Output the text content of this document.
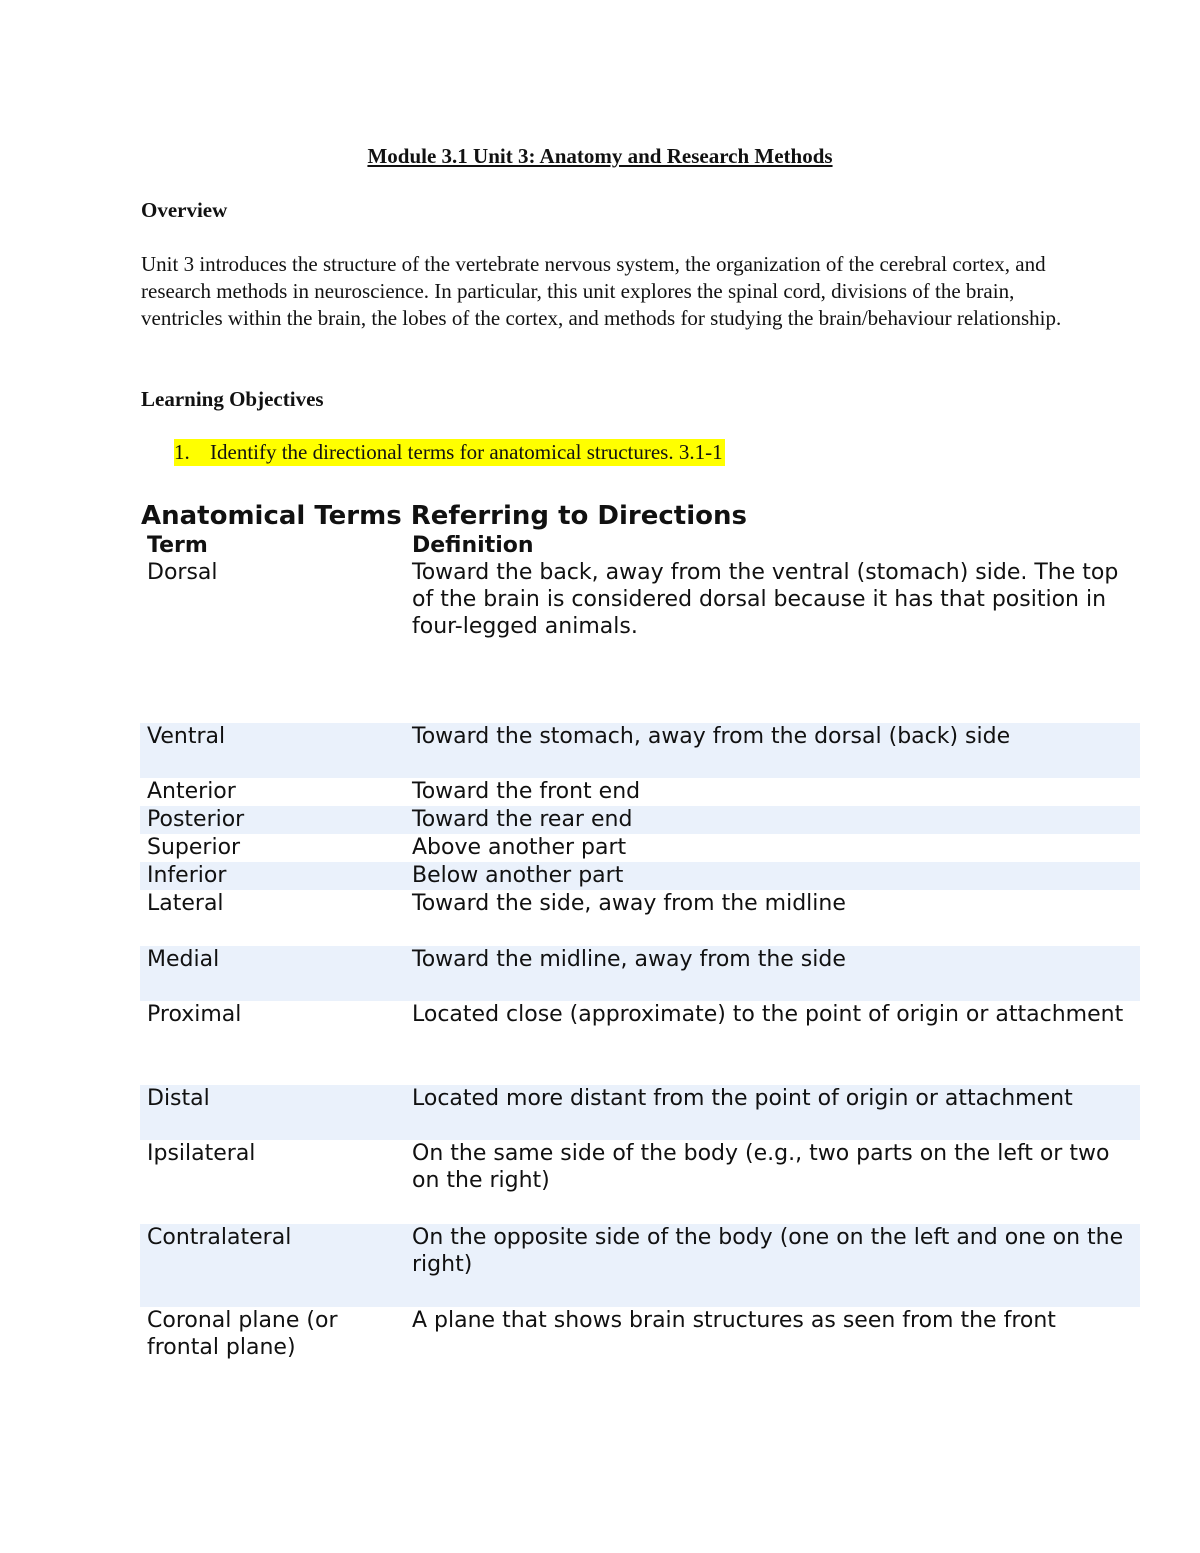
Module 3.1 Unit 3: Anatomy and Research Methods

Overview

Unit 3 introduces the structure of the vertebrate nervous system, the organization of the cerebral cortex, and research methods in neuroscience. In particular, this unit explores the spinal cord, divisions of the brain, ventricles within the brain, the lobes of the cortex, and methods for studying the brain/behaviour relationship.

Learning Objectives

1. Identify the directional terms for anatomical structures. 3.1-1

Anatomical Terms Referring to Directions
Term	Definition
Dorsal	Toward the back, away from the ventral (stomach) side. The top of the brain is considered dorsal because it has that position in four-legged animals.
Ventral	Toward the stomach, away from the dorsal (back) side
Anterior	Toward the front end
Posterior	Toward the rear end
Superior	Above another part
Inferior	Below another part
Lateral	Toward the side, away from the midline
Medial	Toward the midline, away from the side
Proximal	Located close (approximate) to the point of origin or attachment
Distal	Located more distant from the point of origin or attachment
Ipsilateral	On the same side of the body (e.g., two parts on the left or two on the right)
Contralateral	On the opposite side of the body (one on the left and one on the right)
Coronal plane (or frontal plane)	A plane that shows brain structures as seen from the front
